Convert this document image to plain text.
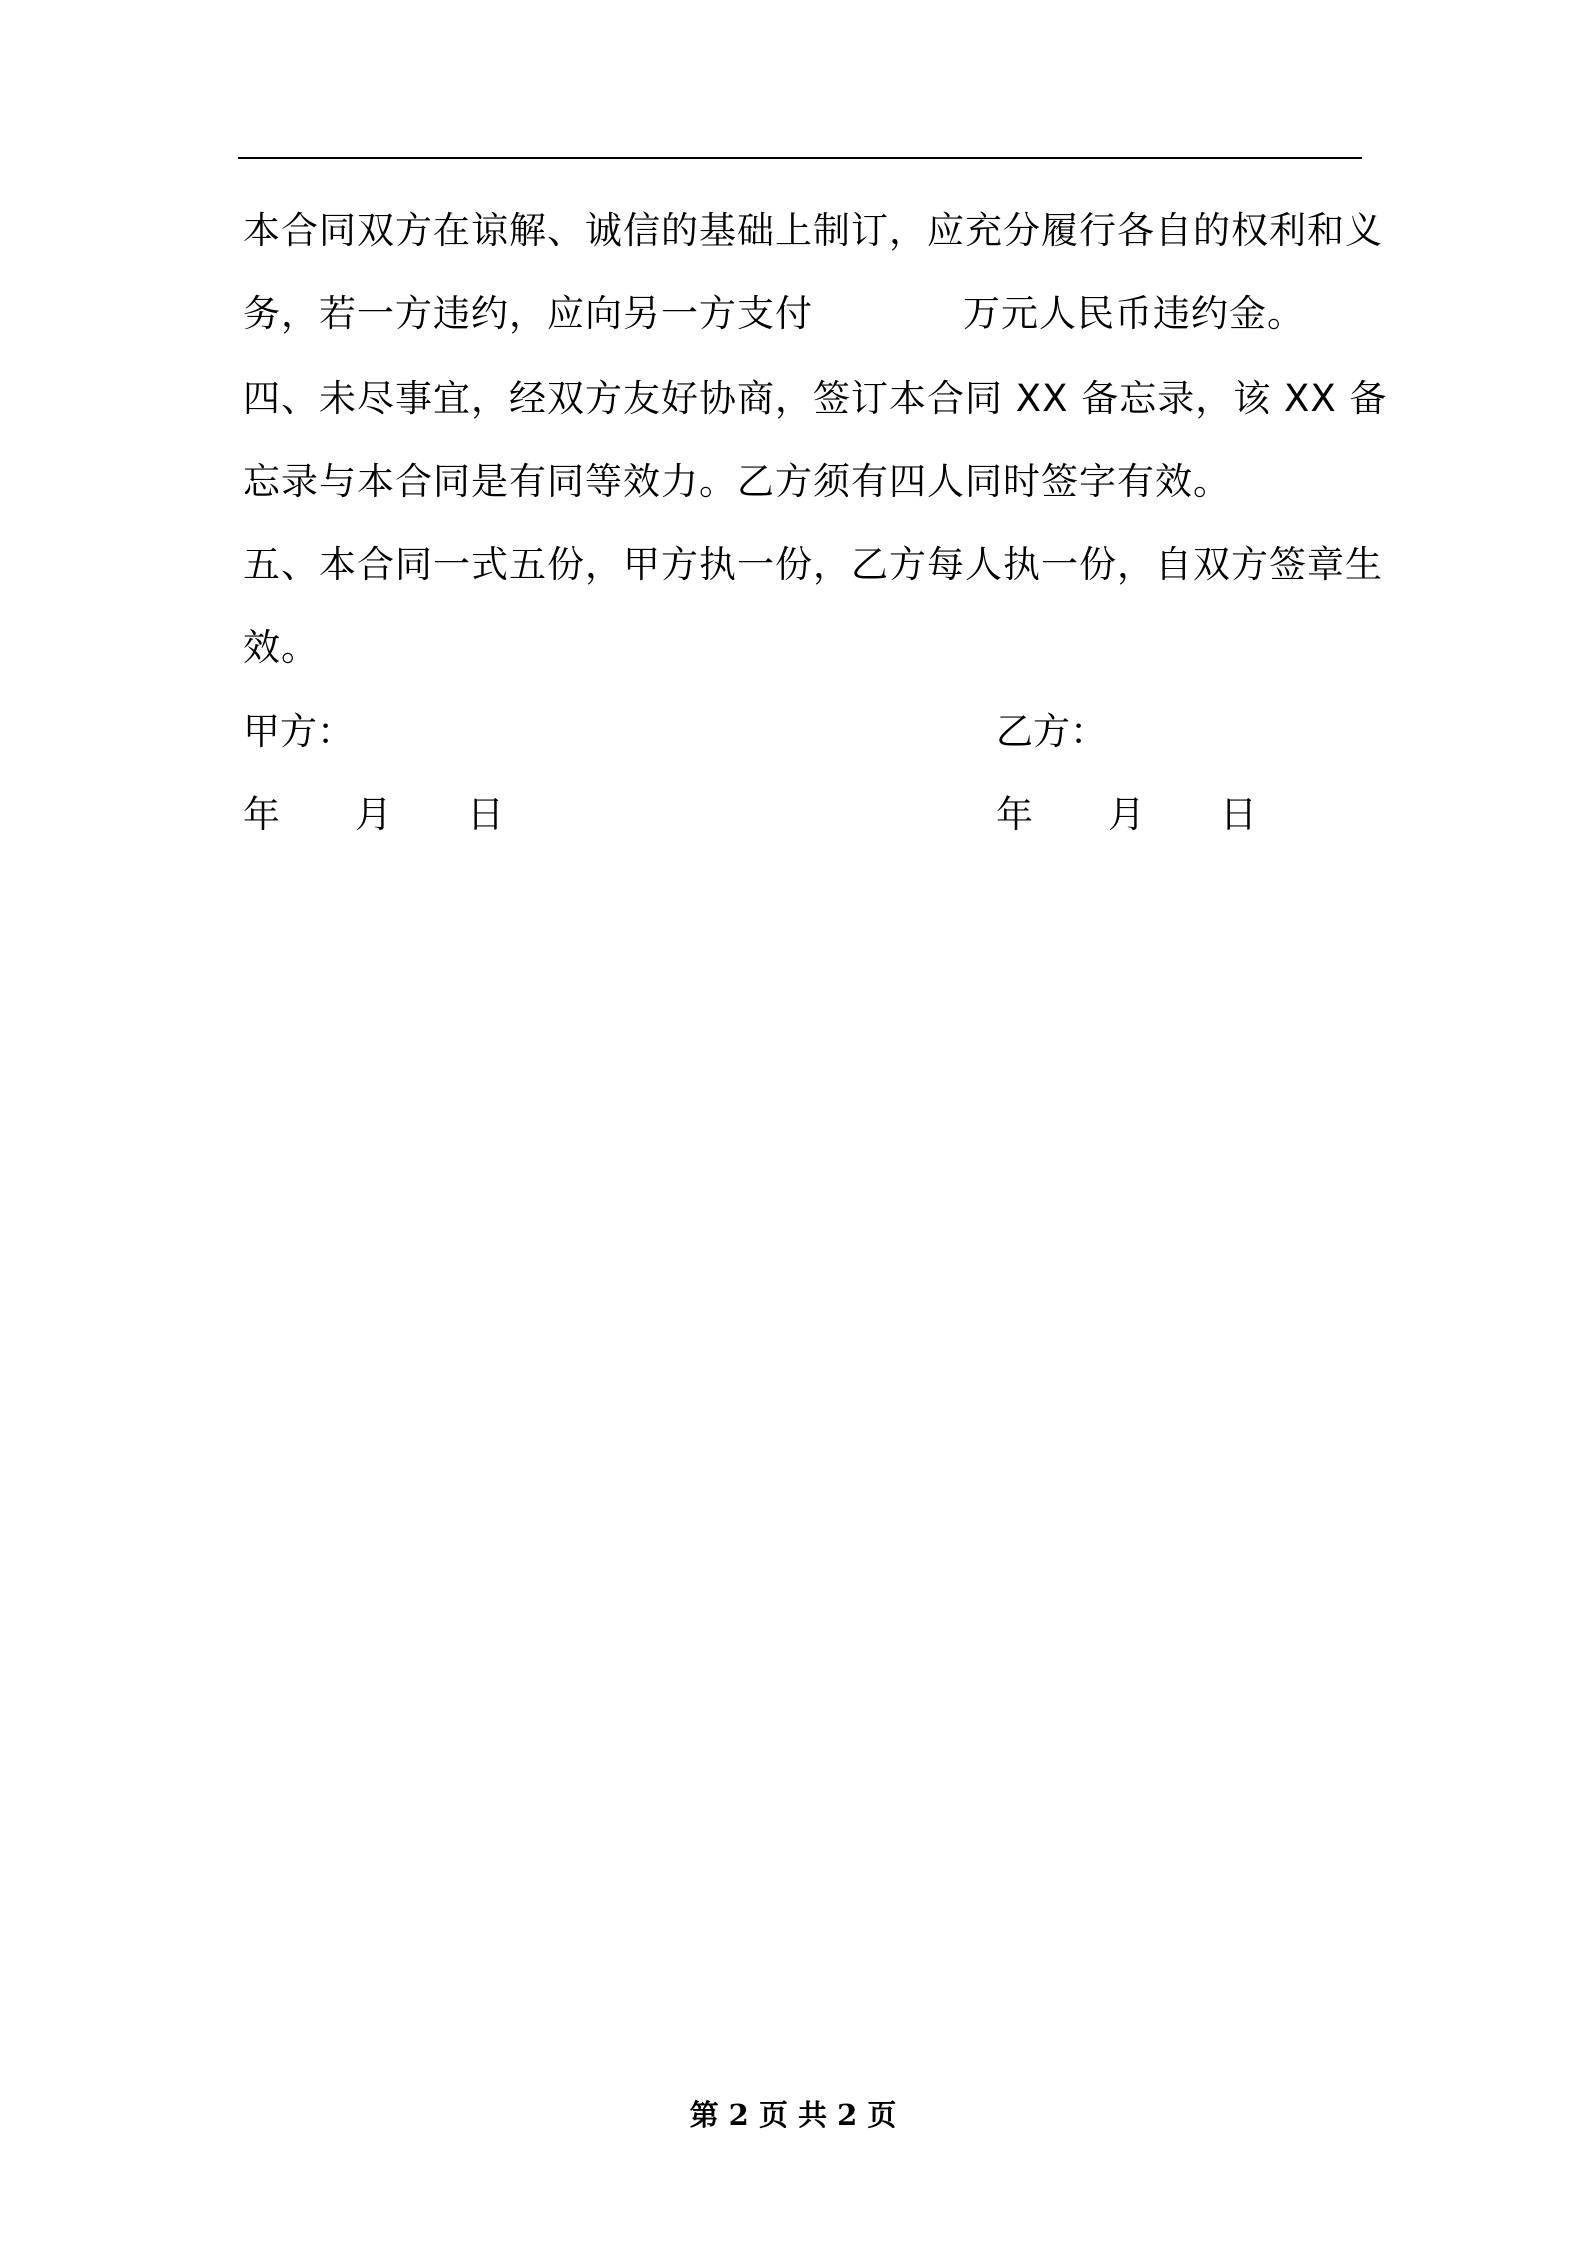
本合同双方在谅解、诚信的基础上制订，应充分履行各自的权利和义
务，若一方违约，应向另一方支付	万元人民币违约金。
四、未尽事宜，经双方友好协商，签订本合同 XX 备忘录，该 XX 备
忘录与本合同是有同等效力。乙方须有四人同时签字有效。
五、本合同一式五份，甲方执一份，乙方每人执一份，自双方签章生
效。
甲方：	乙方：
年 月 日	年 月 日
第 2 页 共 2 页
